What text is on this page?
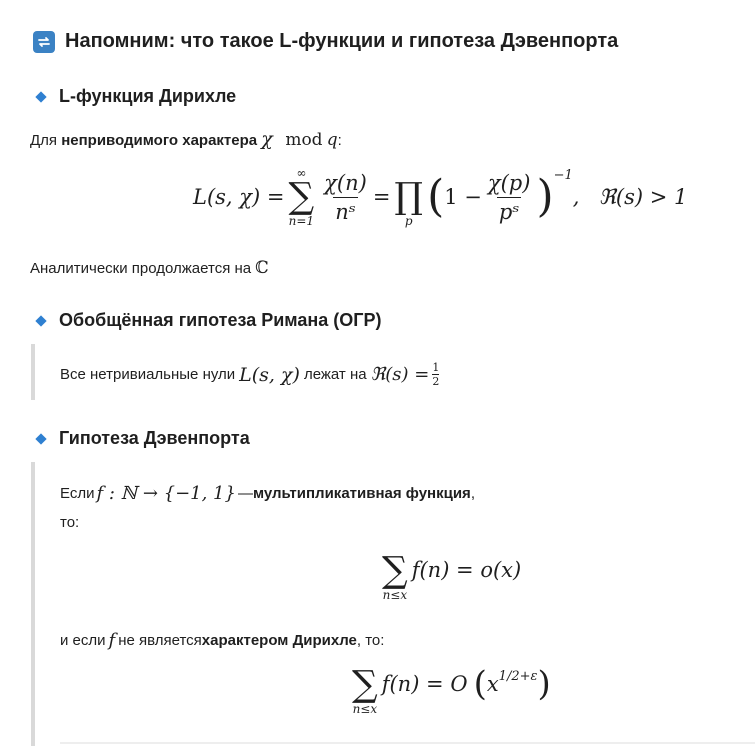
Напомним: что такое L-функции и гипотеза Дэвенпорта
L-функция Дирихле
Для неприводимого характера χ mod q:
L(s, χ) =
∞
∑
$n=1 \frac{\chi(n)}{\text{nˢ}}$ =
∏
p ( $1 - \frac{\chi(p)}{\text{pˢ}} )^{-1}$
, ℜ(s) > 1
Аналитически продолжается на ℂ
Обобщённая гипотеза Римана (ОГР)
Все нетривиальные нули L(s, χ) лежат на ℜ(s) = $\frac{1}{2}$
Гипотеза Дэвенпорта
Если f : ℕ → {−1, 1} — мультипликативная функция ,
то:
∑
n≤x
f(n) = o(x)
и если f не является характером Дирихле , то:
∑
n≤x
f(n) = O ( $x^{1/2+\varepsilon}$ )
